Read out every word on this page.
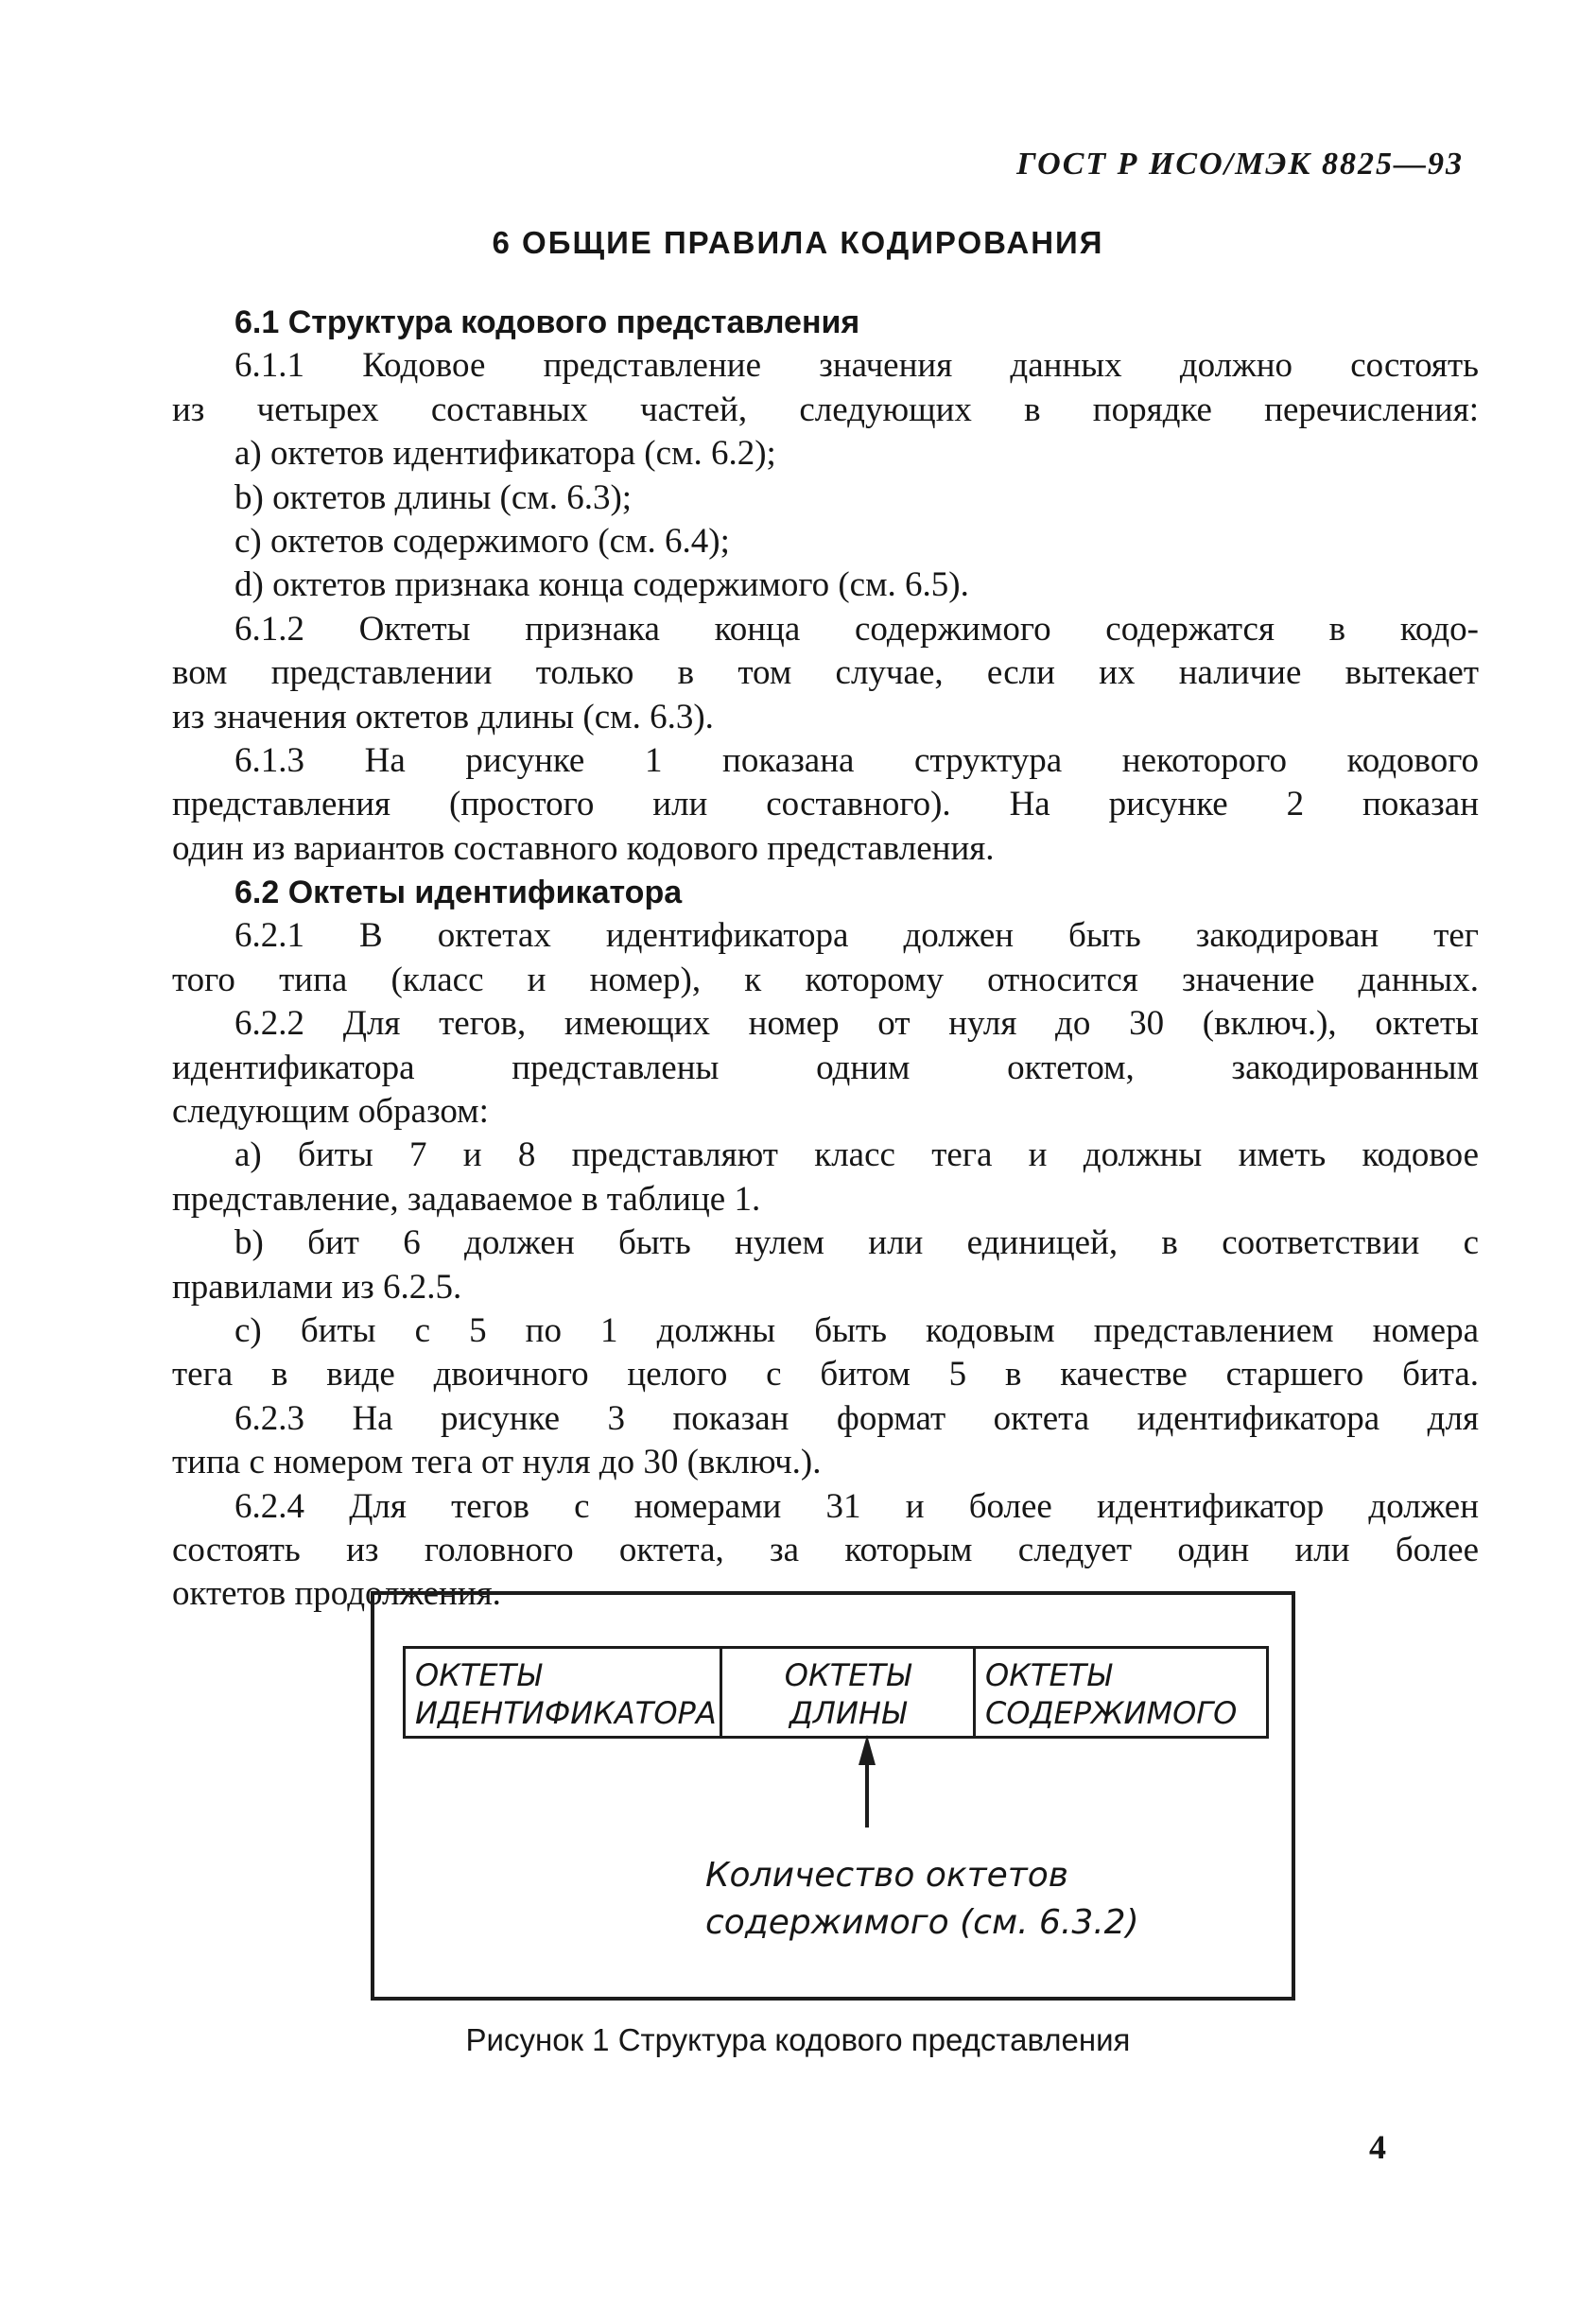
ГОСТ Р ИСО/МЭК 8825—93
6 ОБЩИЕ ПРАВИЛА КОДИРОВАНИЯ
6.1 Структура кодового представления
6.1.1 Кодовое представление значения данных должно состоять
из четырех составных частей, следующих в порядке перечисления:
a) октетов идентификатора (см. 6.2);
b) октетов длины (см. 6.3);
c) октетов содержимого (см. 6.4);
d) октетов признака конца содержимого (см. 6.5).
6.1.2 Октеты признака конца содержимого содержатся в кодо-
вом представлении только в том случае, если их наличие вытекает
из значения октетов длины (см. 6.3).
6.1.3 На рисунке 1 показана структура некоторого кодового
представления (простого или составного). На рисунке 2 показан
один из вариантов составного кодового представления.
6.2 Октеты идентификатора
6.2.1 В октетах идентификатора должен быть закодирован тег
того типа (класс и номер), к которому относится значение данных.
6.2.2 Для тегов, имеющих номер от нуля до 30 (включ.), октеты
идентификатора представлены одним октетом, закодированным
следующим образом:
a) биты 7 и 8 представляют класс тега и должны иметь кодовое
представление, задаваемое в таблице 1.
b) бит 6 должен быть нулем или единицей, в соответствии с
правилами из 6.2.5.
c) биты с 5 по 1 должны быть кодовым представлением номера
тега в виде двоичного целого с битом 5 в качестве старшего бита.
6.2.3 На рисунке 3 показан формат октета идентификатора для
типа с номером тега от нуля до 30 (включ.).
6.2.4 Для тегов с номерами 31 и более идентификатор должен
состоять из головного октета, за которым следует один или более
октетов продолжения.
ОКТЕТЫ
ИДЕНТИФИКАТОРА
ОКТЕТЫ
ДЛИНЫ
ОКТЕТЫ
СОДЕРЖИМОГО
Количество октетов
содержимого (см. 6.3.2)
Рисунок 1 Структура кодового представления
4
